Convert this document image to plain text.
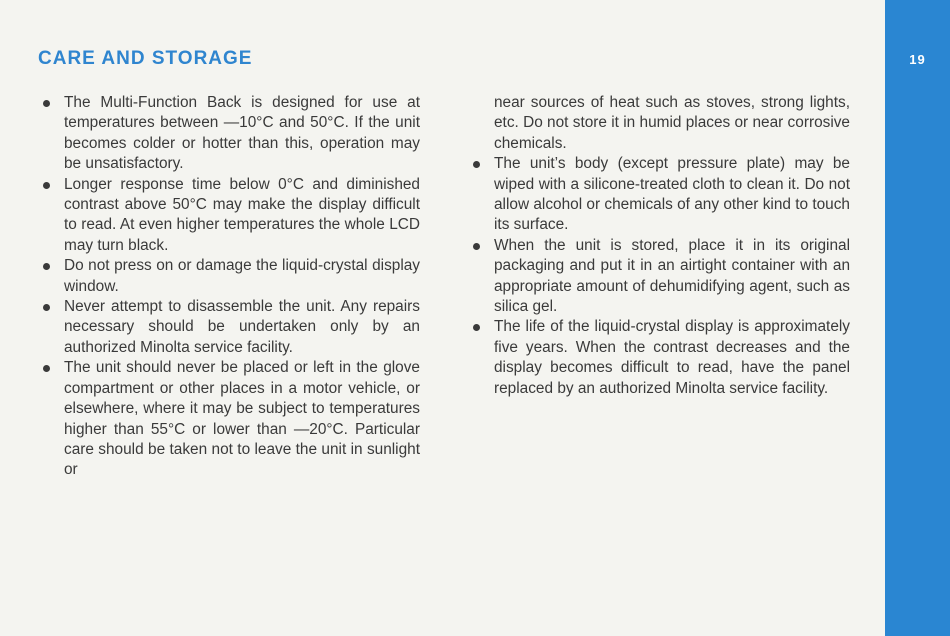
CARE AND STORAGE
The Multi-Function Back is designed for use at temperatures between —10°C and 50°C. If the unit becomes colder or hotter than this, operation may be unsatisfactory.
Longer response time below 0°C and diminished contrast above 50°C may make the display difficult to read. At even higher temperatures the whole LCD may turn black.
Do not press on or damage the liquid-crystal display window.
Never attempt to disassemble the unit. Any repairs necessary should be undertaken only by an authorized Minolta service facility.
The unit should never be placed or left in the glove compartment or other places in a motor vehicle, or elsewhere, where it may be subject to temperatures higher than 55°C or lower than —20°C. Particular care should be taken not to leave the unit in sunlight or
near sources of heat such as stoves, strong lights, etc. Do not store it in humid places or near corrosive chemicals.
The unit’s body (except pressure plate) may be wiped with a silicone-treated cloth to clean it. Do not allow alcohol or chemicals of any other kind to touch its surface.
When the unit is stored, place it in its original packaging and put it in an airtight container with an appropriate amount of dehumidifying agent, such as silica gel.
The life of the liquid-crystal display is approximately five years. When the contrast decreases and the display becomes difficult to read, have the panel replaced by an authorized Minolta service facility.
19
